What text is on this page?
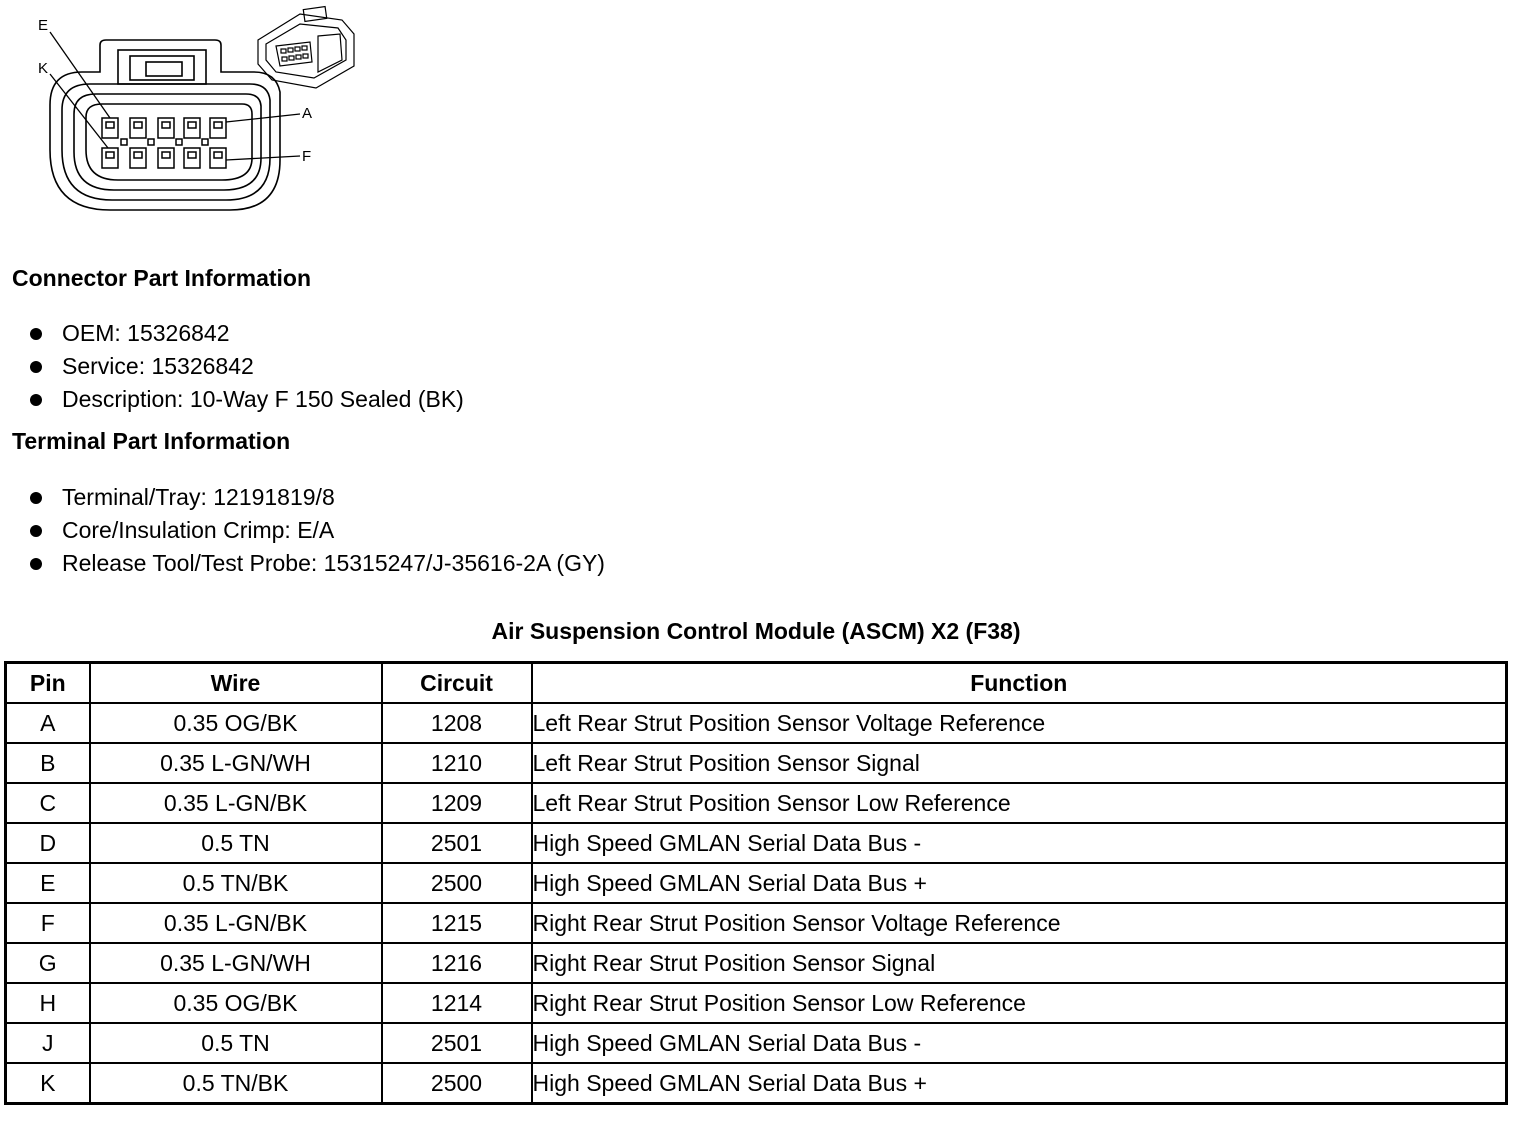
E
K
A
F
Connector Part Information
OEM: 15326842
Service: 15326842
Description: 10-Way F 150 Sealed (BK)
Terminal Part Information
Terminal/Tray: 12191819/8
Core/Insulation Crimp: E/A
Release Tool/Test Probe: 15315247/J-35616-2A (GY)
Air Suspension Control Module (ASCM) X2 (F38)
Pin	Wire	Circuit	Function
A	0.35 OG/BK	1208	Left Rear Strut Position Sensor Voltage Reference
B	0.35 L-GN/WH	1210	Left Rear Strut Position Sensor Signal
C	0.35 L-GN/BK	1209	Left Rear Strut Position Sensor Low Reference
D	0.5 TN	2501	High Speed GMLAN Serial Data Bus -
E	0.5 TN/BK	2500	High Speed GMLAN Serial Data Bus +
F	0.35 L-GN/BK	1215	Right Rear Strut Position Sensor Voltage Reference
G	0.35 L-GN/WH	1216	Right Rear Strut Position Sensor Signal
H	0.35 OG/BK	1214	Right Rear Strut Position Sensor Low Reference
J	0.5 TN	2501	High Speed GMLAN Serial Data Bus -
K	0.5 TN/BK	2500	High Speed GMLAN Serial Data Bus +
